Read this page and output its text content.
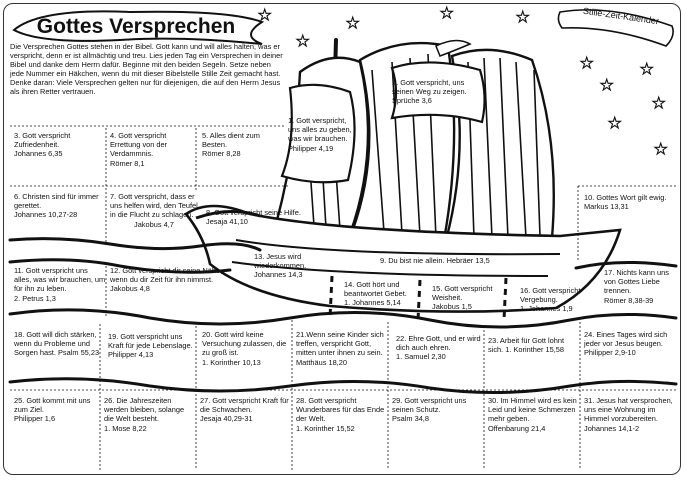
★
★
★
★	★
★	★
★
★
★
★
Gottes Versprechen	Stille-Zeit-Kalender
Die Versprechen Gottes stehen in der Bibel. Gott kann und will alles halten, was er verspricht, denn er ist allmächtig und treu. Lies jeden Tag ein Versprechen in deiner Bibel und danke dem Herrn dafür. Beginne mit den beiden Segeln. Setze neben jede Nummer ein Häkchen, wenn du mit dieser Bibelstelle Stille Zeit gemacht hast. Denke daran: Viele Versprechen gelten nur für diejenigen, die auf den Herrn Jesus als ihren Retter vertrauen.
1. Gott verspricht, uns alles zu geben, was wir brauchen.
Philipper 4,19
2. Gott verspricht, uns seinen Weg zu zeigen.
Sprüche 3,6
3. Gott verspricht Zufriedenheit.
Johannes 6,35
4. Gott verspricht Errettung von der Verdammnis.
Römer 8,1
5. Alles dient zum Besten.
Römer 8,28
6. Christen sind für immer gerettet.
Johannes 10,27-28
7. Gott verspricht, dass er uns helfen wird, den Teufel in die Flucht zu schlagen.
Jakobus 4,7
8. Gott verspricht seine Hilfe. Jesaja 41,10
9. Du bist nie allein. Hebräer 13,5
10. Gottes Wort gilt ewig. Markus 13,31
11. Gott verspricht uns alles, was wir brauchen, um für ihn zu leben.
2. Petrus 1,3
12. Gott verspricht dir seine Nähe, wenn du dir Zeit für ihn nimmst.
Jakobus 4,8
13. Jesus wird wiederkommen. Johannes 14,3
14. Gott hört und beantwortet Gebet.
1. Johannes 5,14
15. Gott verspricht Weisheit.
Jakobus 1,5
16. Gott verspricht Vergebung.
1. Johannes 1,9
17. Nichts kann uns von Gottes Liebe trennen.
Römer 8,38-39
18. Gott will dich stärken, wenn du Probleme und Sorgen hast. Psalm 55,23
19. Gott verspricht uns Kraft für jede Lebenslage.
Philipper 4,13
20. Gott wird keine Versuchung zulassen, die zu groß ist.
1. Korinther 10,13
21.Wenn seine Kinder sich treffen, verspricht Gott, mitten unter ihnen zu sein. Matthäus 18,20
22. Ehre Gott, und er wird dich auch ehren.
1. Samuel 2,30
23. Arbeit für Gott lohnt sich. 1. Korinther 15,58
24. Eines Tages wird sich jeder vor Jesus beugen.
Philipper 2,9-10
25. Gott kommt mit uns zum Ziel.
Philipper 1,6
26. Die Jahreszeiten werden bleiben, solange die Welt besteht.
1. Mose 8,22
27. Gott verspricht Kraft für die Schwachen.
Jesaja 40,29-31
28. Gott verspricht Wunderbares für das Ende der Welt.
1. Korinther 15,52
29. Gott verspricht uns seinen Schutz.
Psalm 34,8
30. Im Himmel wird es kein Leid und keine Schmerzen mehr geben.
Offenbarung 21,4
31. Jesus hat versprochen, uns eine Wohnung im Himmel vorzubereiten. Johannes 14,1-2
